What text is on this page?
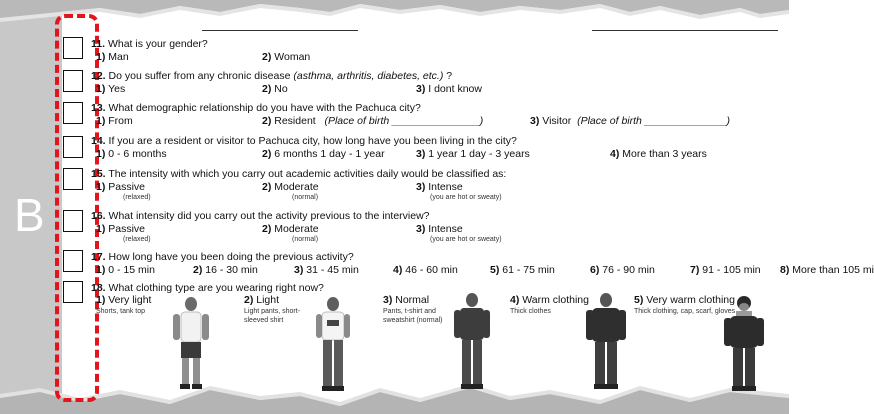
B
11. What is your gender?
1) Man	2) Woman
12. Do you suffer from any chronic disease (asthma, arthritis, diabetes, etc.) ?
1) Yes	2) No	3) I dont know
13. What demographic relationship do you have with the Pachuca city?
1) From	2) Resident (Place of birth _______________)	3) Visitor (Place of birth ______________)
14. If you are a resident or visitor to Pachuca city, how long have you been living in the city?
1) 0 - 6 months	2) 6 months 1 day - 1 year	3) 1 year 1 day - 3 years	4) More than 3 years
15. The intensity with which you carry out academic activities daily would be classified as:
1) Passive
(relaxed)
2) Moderate
(normal)
3) Intense
(you are hot or sweaty)
16. What intensity did you carry out the activity previous to the interview?
1) Passive
(relaxed)
2) Moderate
(normal)
3) Intense
(you are hot or sweaty)
17. How long have you been doing the previous activity?
1) 0 - 15 min	2) 16 - 30 min	3) 31 - 45 min	4) 46 - 60 min	5) 61 - 75 min	6) 76 - 90 min	7) 91 - 105 min 8) More than 105 mi
18. What clothing type are you wearing right now?
1) Very light
Shorts, tank top
2) Light
Light pants, short-sleeved shirt
3) Normal
Pants, t-shirt and sweatshirt (normal)
4) Warm clothing
Thick clothes
5) Very warm clothing
Thick clothing, cap, scarf, gloves
